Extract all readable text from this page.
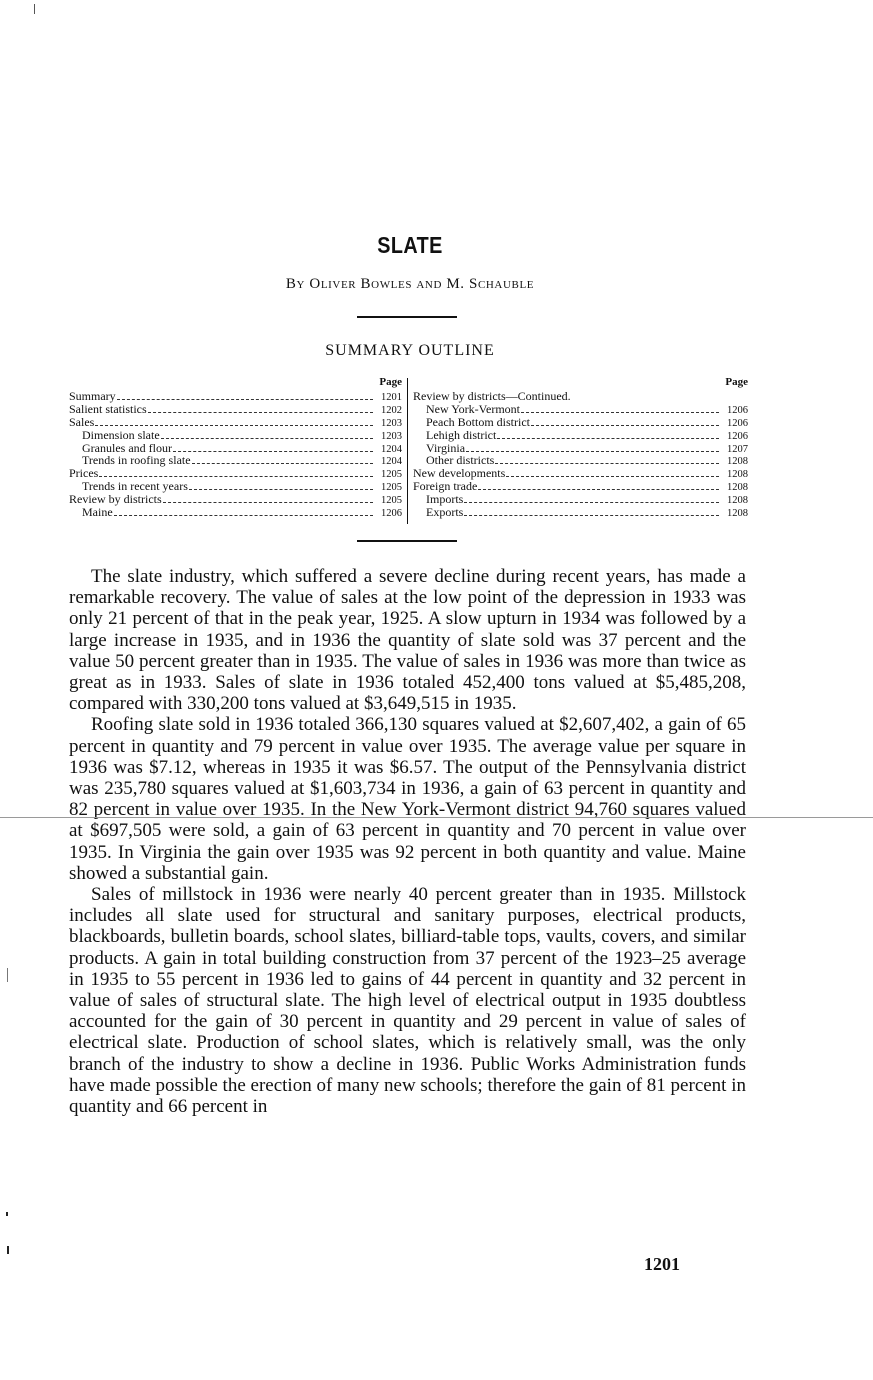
SLATE
By Oliver Bowles and M. Schauble
SUMMARY OUTLINE
Page
Summary	1201
Salient statistics	1202
Sales	1203
Dimension slate	1203
Granules and flour	1204
Trends in roofing slate	1204
Prices	1205
Trends in recent years	1205
Review by districts	1205
Maine	1206
Page
Review by districts—Continued.
New York-Vermont	1206
Peach Bottom district	1206
Lehigh district	1206
Virginia	1207
Other districts	1208
New developments	1208
Foreign trade	1208
Imports	1208
Exports	1208

The slate industry, which suffered a severe decline during recent years, has made a remarkable recovery. The value of sales at the low point of the depression in 1933 was only 21 percent of that in the peak year, 1925. A slow upturn in 1934 was followed by a large increase in 1935, and in 1936 the quantity of slate sold was 37 percent and the value 50 percent greater than in 1935. The value of sales in 1936 was more than twice as great as in 1933. Sales of slate in 1936 totaled 452,400 tons valued at $5,485,208, compared with 330,200 tons valued at $3,649,515 in 1935.

Roofing slate sold in 1936 totaled 366,130 squares valued at $2,607,402, a gain of 65 percent in quantity and 79 percent in value over 1935. The average value per square in 1936 was $7.12, whereas in 1935 it was $6.57. The output of the Pennsylvania district was 235,780 squares valued at $1,603,734 in 1936, a gain of 63 percent in quantity and 82 percent in value over 1935. In the New York-Vermont district 94,760 squares valued at $697,505 were sold, a gain of 63 percent in quantity and 70 percent in value over 1935. In Virginia the gain over 1935 was 92 percent in both quantity and value. Maine showed a substantial gain.

Sales of millstock in 1936 were nearly 40 percent greater than in 1935. Millstock includes all slate used for structural and sanitary purposes, electrical products, blackboards, bulletin boards, school slates, billiard-table tops, vaults, covers, and similar products. A gain in total building construction from 37 percent of the 1923–25 average in 1935 to 55 percent in 1936 led to gains of 44 percent in quantity and 32 percent in value of sales of structural slate. The high level of electrical output in 1935 doubtless accounted for the gain of 30 percent in quantity and 29 percent in value of sales of electrical slate. Production of school slates, which is relatively small, was the only branch of the industry to show a decline in 1936. Public Works Administration funds have made possible the erection of many new schools; therefore the gain of 81 percent in quantity and 66 percent in

1201
